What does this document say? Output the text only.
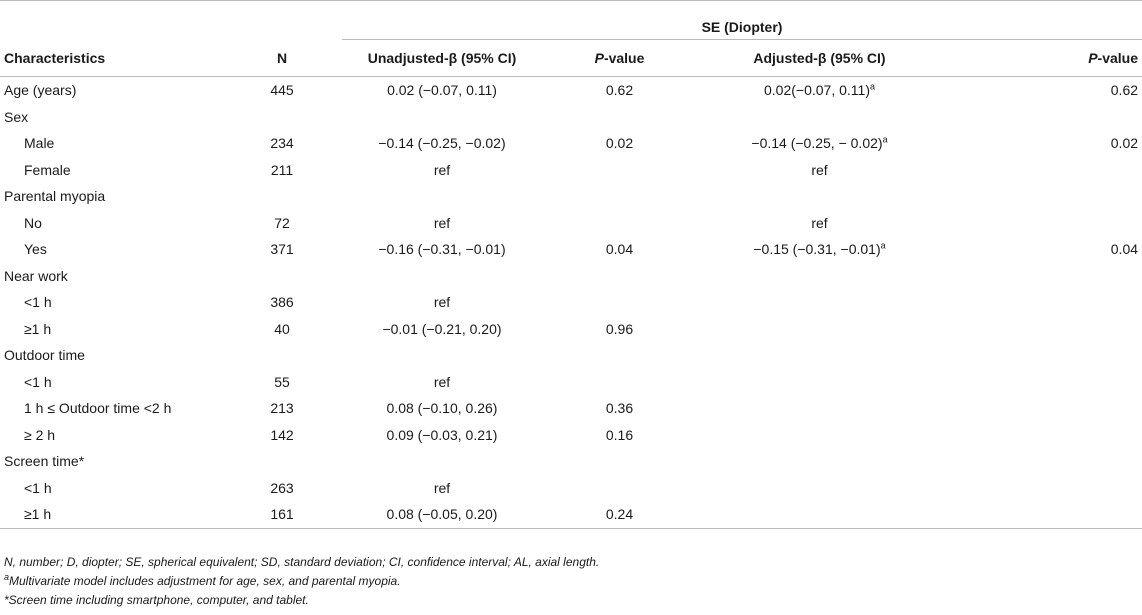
		SE (Diopter)			
Characteristics	N	Unadjusted-β (95% CI)	P-value	Adjusted-β (95% CI)	P-value
Age (years)	445	0.02 (−0.07, 0.11)	0.62	0.02(−0.07, 0.11)$^a$	0.62
Sex					
Male	234	−0.14 (−0.25, −0.02)	0.02	−0.14 (−0.25, − 0.02)$^a$	0.02
Female	211	ref		ref	
Parental myopia					
No	72	ref		ref	
Yes	371	−0.16 (−0.31, −0.01)	0.04	−0.15 (−0.31, −0.01)$^a$	0.04
Near work					
<1 h	386	ref			
≥1 h	40	−0.01 (−0.21, 0.20)	0.96		
Outdoor time					
<1 h	55	ref			
1 h ≤ Outdoor time <2 h	213	0.08 (−0.10, 0.26)	0.36		
≥ 2 h	142	0.09 (−0.03, 0.21)	0.16		
Screen time*					
<1 h	263	ref			
≥1 h	161	0.08 (−0.05, 0.20)	0.24		
N, number; D, diopter; SE, spherical equivalent; SD, standard deviation; CI, confidence interval; AL, axial length.
$^a$Multivariate model includes adjustment for age, sex, and parental myopia.
*Screen time including smartphone, computer, and tablet.
